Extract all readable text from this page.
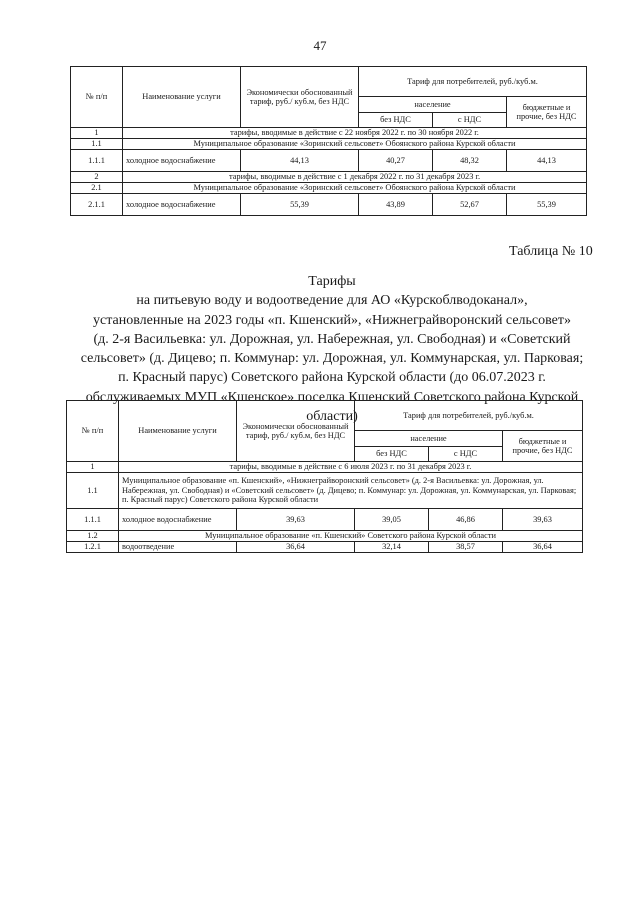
47
№ п/п	Наименование услуги	Экономически обоснованный тариф, руб./ куб.м, без НДС	Тариф для потребителей, руб./куб.м.		
			население		бюджетные и прочие, без НДС
			без НДС	с НДС	
1	тарифы, вводимые в действие с 22 ноября 2022 г. по 30 ноября 2022 г.				
1.1	Муниципальное образование «Зоринский сельсовет» Обоянского района Курской области				
1.1.1	холодное водоснабжение	44,13	40,27	48,32	44,13
2	тарифы, вводимые в действие с 1 декабря 2022 г. по 31 декабря 2023 г.				
2.1	Муниципальное образование «Зоринский сельсовет» Обоянского района Курской области				
2.1.1	холодное водоснабжение	55,39	43,89	52,67	55,39
Таблица № 10
Тарифы
на питьевую воду и водоотведение для АО «Курскоблводоканал»,
установленные на 2023 годы «п. Кшенский», «Нижнеграйворонский сельсовет»
(д. 2-я Васильевка: ул. Дорожная, ул. Набережная, ул. Свободная) и «Советский
сельсовет» (д. Дицево; п. Коммунар: ул. Дорожная, ул. Коммунарская, ул. Парковая;
п. Красный парус) Советского района Курской области (до 06.07.2023 г.
обслуживаемых МУП «Кшенское» поселка Кшенский Советского района Курской
области)
№ п/п	Наименование услуги	Экономически обоснованный тариф, руб./ куб.м, без НДС	Тариф для потребителей, руб./куб.м.		
			население		бюджетные и прочие, без НДС
			без НДС	с НДС	
1	тарифы, вводимые в действие с 6 июля 2023 г. по 31 декабря 2023 г.				
1.1	Муниципальное образование «п. Кшенский», «Нижнеграйворонский сельсовет» (д. 2-я Васильевка: ул. Дорожная, ул. Набережная, ул. Свободная) и «Советский сельсовет» (д. Дицево; п. Коммунар: ул. Дорожная, ул. Коммунарская, ул. Парковая; п. Красный парус) Советского района Курской области				
1.1.1	холодное водоснабжение	39,63	39,05	46,86	39,63
1.2	Муниципальное образование «п. Кшенский» Советского района Курской области				
1.2.1	водоотведение	36,64	32,14	38,57	36,64
